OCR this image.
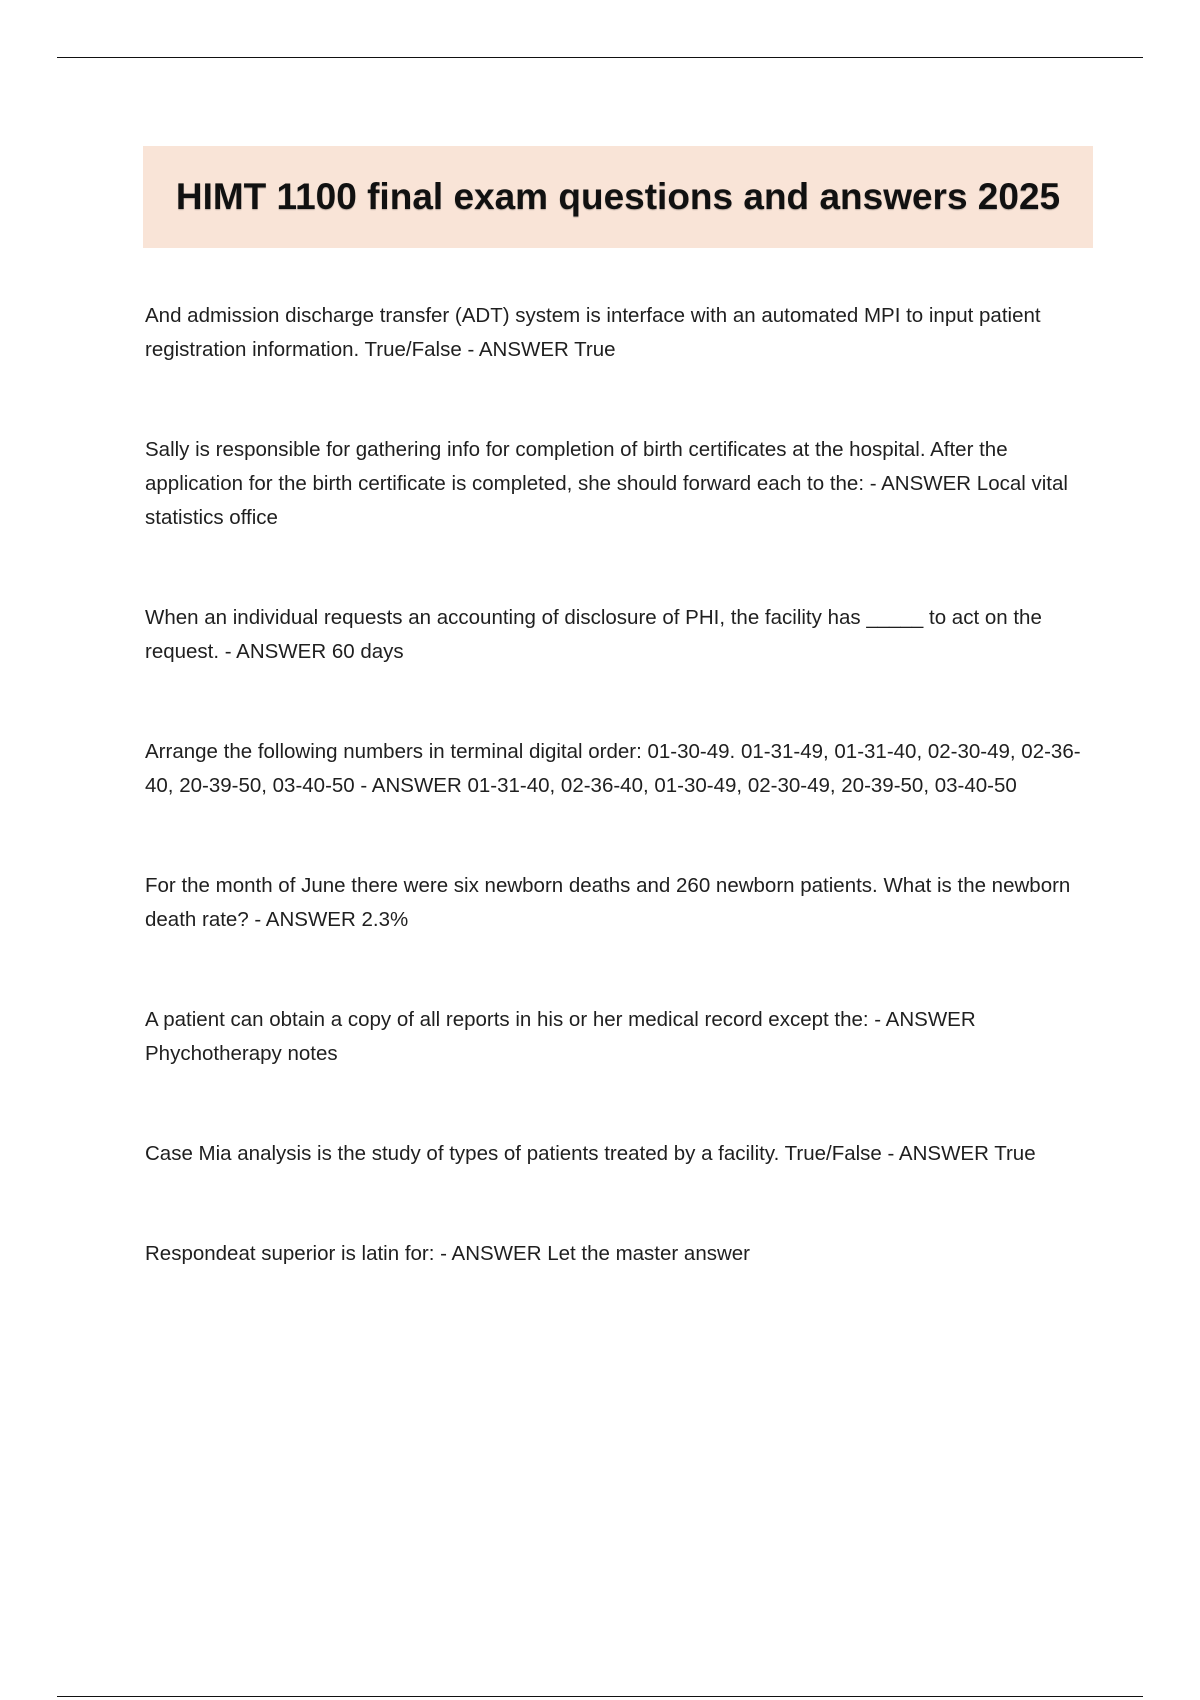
HIMT 1100 final exam questions and answers 2025

And admission discharge transfer (ADT) system is interface with an automated MPI to input patient registration information. True/False - ANSWER True

Sally is responsible for gathering info for completion of birth certificates at the hospital. After the application for the birth certificate is completed, she should forward each to the: - ANSWER Local vital statistics office

When an individual requests an accounting of disclosure of PHI, the facility has _____ to act on the request. - ANSWER 60 days

Arrange the following numbers in terminal digital order: 01-30-49. 01-31-49, 01-31-40, 02-30-49, 02-36-40, 20-39-50, 03-40-50 - ANSWER 01-31-40, 02-36-40, 01-30-49, 02-30-49, 20-39-50, 03-40-50

For the month of June there were six newborn deaths and 260 newborn patients. What is the newborn death rate? - ANSWER 2.3%

A patient can obtain a copy of all reports in his or her medical record except the: - ANSWER Phychotherapy notes

Case Mia analysis is the study of types of patients treated by a facility. True/False - ANSWER True

Respondeat superior is latin for: - ANSWER Let the master answer
